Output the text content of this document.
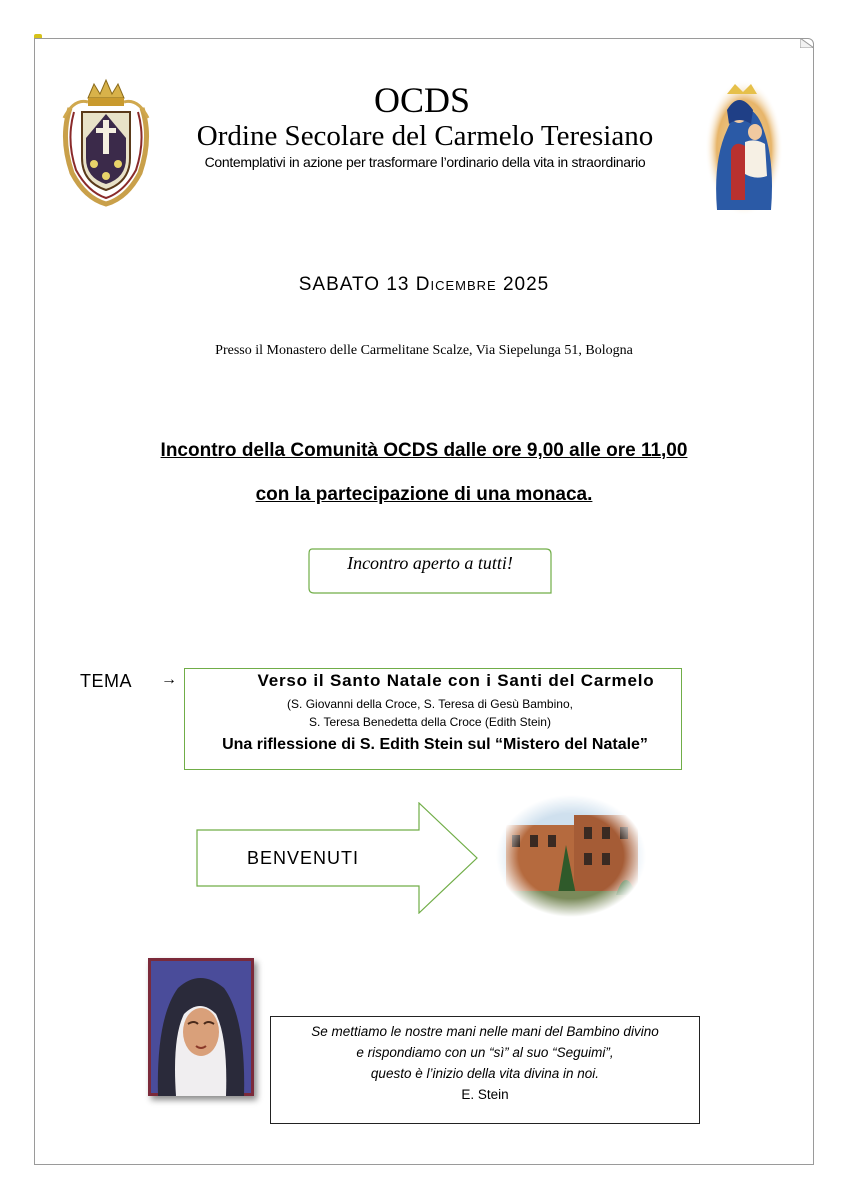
OCDS
Ordine Secolare del Carmelo Teresiano
Contemplativi in azione per trasformare l’ordinario della vita in straordinario
SABATO 13 Dicembre 2025
Presso il Monastero delle Carmelitane Scalze, Via Siepelunga 51, Bologna
Incontro della Comunità OCDS dalle ore 9,00 alle ore 11,00
con la partecipazione di una monaca.
Incontro aperto a tutti!
TEMA →	Verso il Santo Natale con i Santi del Carmelo
(S. Giovanni della Croce, S. Teresa di Gesù Bambino,
S. Teresa Benedetta della Croce (Edith Stein)
Una riflessione di S. Edith Stein sul “Mistero del Natale”
BENVENUTI
Se mettiamo le nostre mani nelle mani del Bambino divino
e rispondiamo con un “sì” al suo “Seguimi”,
questo è l’inizio della vita divina in noi.
E. Stein
